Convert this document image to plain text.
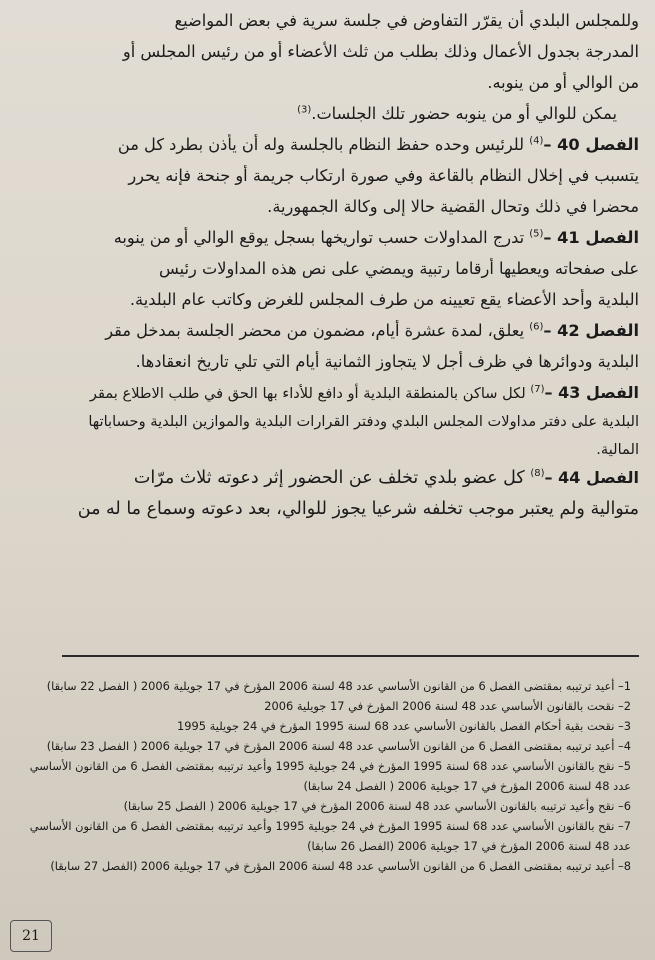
وللمجلس البلدي أن يقرّر التفاوض في جلسة سرية في بعض المواضيع
المدرجة بجدول الأعمال وذلك بطلب من ثلث الأعضاء أو من رئيس المجلس أو
من الوالي أو من ينوبه.
يمكن للوالي أو من ينوبه حضور تلك الجلسات.$^{(3)}$
الفصل 40 –$^{(4)}$ للرئيس وحده حفظ النظام بالجلسة وله أن يأذن بطرد كل من
يتسبب في إخلال النظام بالقاعة وفي صورة ارتكاب جريمة أو جنحة فإنه يحرر
محضرا في ذلك وتحال القضية حالا إلى وكالة الجمهورية.
الفصل 41 –$^{(5)}$ تدرج المداولات حسب تواريخها بسجل يوقع الوالي أو من ينوبه
على صفحاته ويعطيها أرقاما رتبية ويمضي على نص هذه المداولات رئيس
البلدية وأحد الأعضاء يقع تعيينه من طرف المجلس للغرض وكاتب عام البلدية.
الفصل 42 –$^{(6)}$ يعلق، لمدة عشرة أيام، مضمون من محضر الجلسة بمدخل مقر
البلدية ودوائرها في ظرف أجل لا يتجاوز الثمانية أيام التي تلي تاريخ انعقادها.
الفصل 43 –$^{(7)}$ لكل ساكن بالمنطقة البلدية أو دافع للأداء بها الحق في طلب الاطلاع بمقر
البلدية على دفتر مداولات المجلس البلدي ودفتر القرارات البلدية والموازين البلدية وحساباتها
المالية.
الفصل 44 –$^{(8)}$ كل عضو بلدي تخلف عن الحضور إثر دعوته ثلاث مرّات
متوالية ولم يعتبر موجب تخلفه شرعيا يجوز للوالي، بعد دعوته وسماع ما له من
1– أعيد ترتيبه بمقتضى الفصل 6 من القانون الأساسي عدد 48 لسنة 2006 المؤرخ في 17 جويلية 2006 ( الفصل 22 سابقا)
2– نقحت بالقانون الأساسي عدد 48 لسنة 2006 المؤرخ في 17 جويلية 2006
3– نقحت بقية أحكام الفصل بالقانون الأساسي عدد 68 لسنة 1995 المؤرخ في 24 جويلية 1995
4– أعيد ترتيبه بمقتضى الفصل 6 من القانون الأساسي عدد 48 لسنة 2006 المؤرخ في 17 جويلية 2006 ( الفصل 23 سابقا)
5– نقح بالقانون الأساسي عدد 68 لسنة 1995 المؤرخ في 24 جويلية 1995 وأعيد ترتيبه بمقتضى الفصل 6 من القانون الأساسي
عدد 48 لسنة 2006 المؤرخ في 17 جويلية 2006 ( الفصل 24 سابقا)
6– نقح وأعيد ترتيبه بالقانون الأساسي عدد 48 لسنة 2006 المؤرخ في 17 جويلية 2006 ( الفصل 25 سابقا)
7– نقح بالقانون الأساسي عدد 68 لسنة 1995 المؤرخ في 24 جويلية 1995 وأعيد ترتيبه بمقتضى الفصل 6 من القانون الأساسي
عدد 48 لسنة 2006 المؤرخ في 17 جويلية 2006 (الفصل 26 سابقا)
8– أعيد ترتيبه بمقتضى الفصل 6 من القانون الأساسي عدد 48 لسنة 2006 المؤرخ في 17 جويلية 2006 (الفصل 27 سابقا)
21
